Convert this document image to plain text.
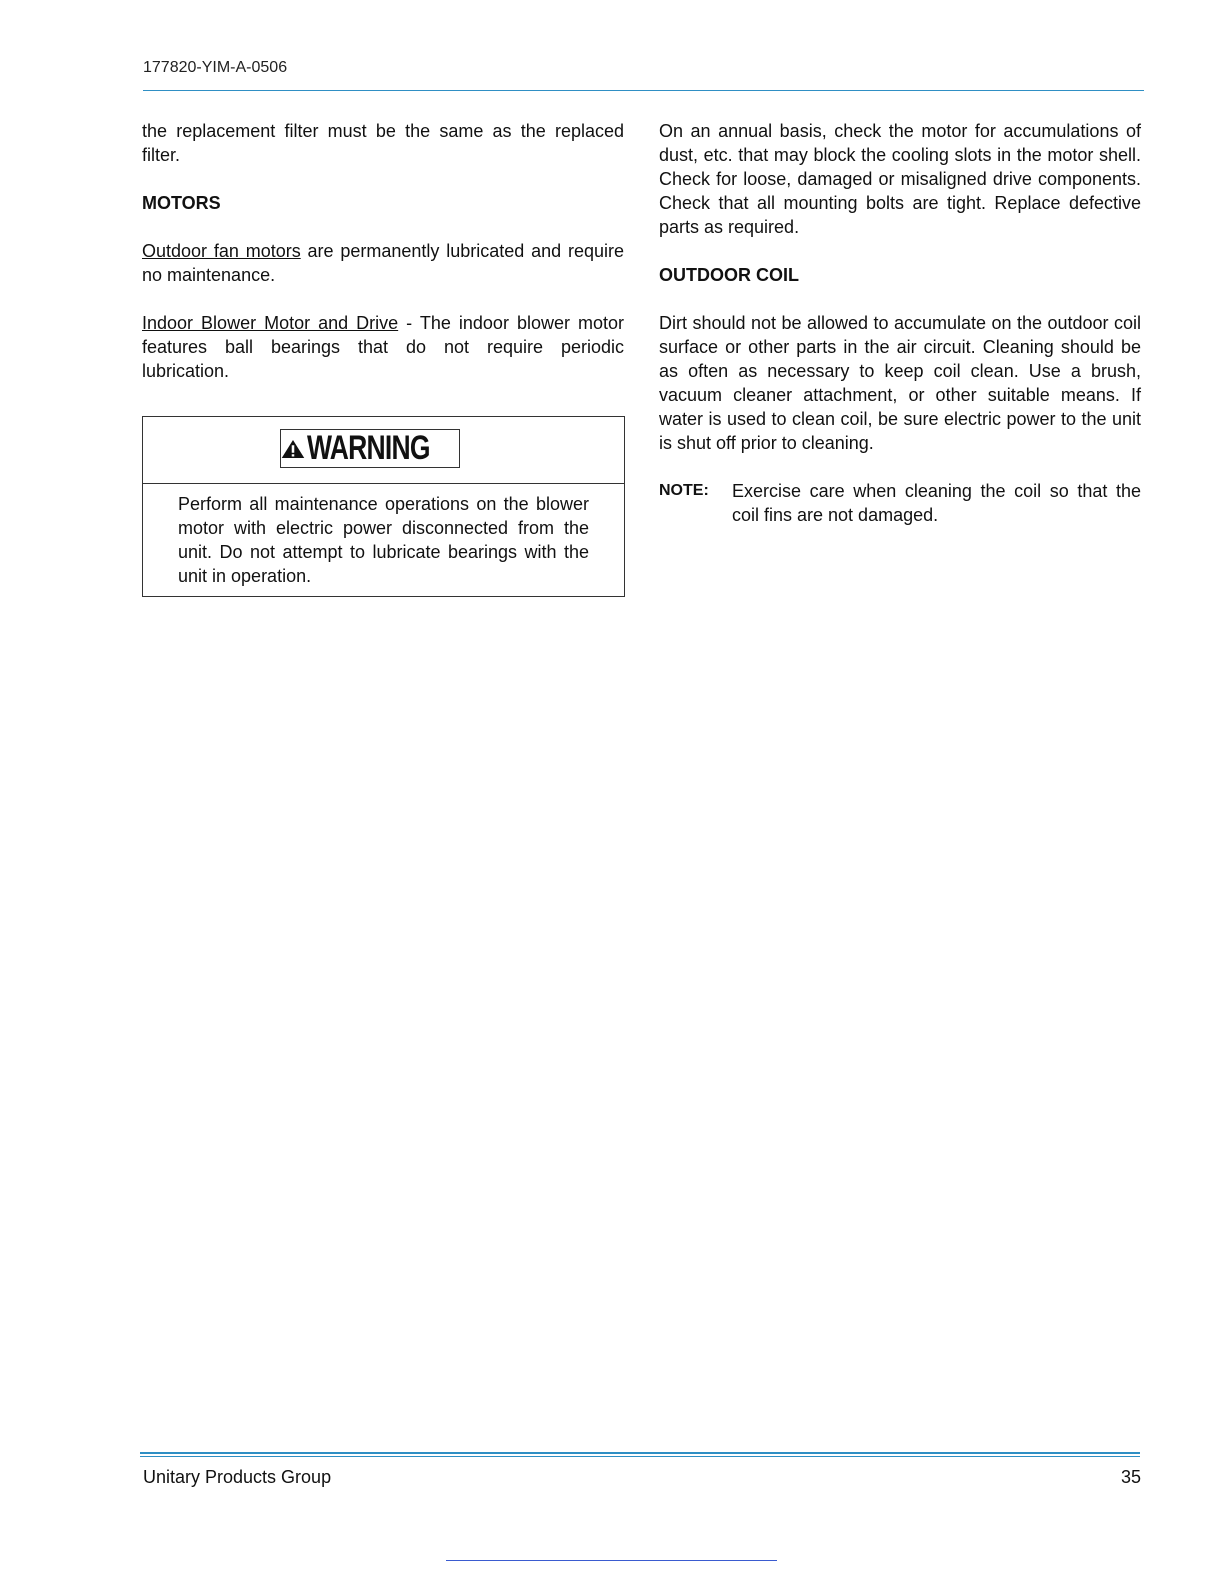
177820-YIM-A-0506

the replacement filter must be the same as the replaced filter.

MOTORS

Outdoor fan motors are permanently lubricated and require no maintenance.

Indoor Blower Motor and Drive - The indoor blower motor features ball bearings that do not require periodic lubrication.

WARNING

Perform all maintenance operations on the blower motor with electric power disconnected from the unit. Do not attempt to lubricate bearings with the unit in operation.

On an annual basis, check the motor for accumulations of dust, etc. that may block the cooling slots in the motor shell. Check for loose, damaged or misaligned drive components. Check that all mounting bolts are tight. Replace defective parts as required.

OUTDOOR COIL

Dirt should not be allowed to accumulate on the outdoor coil surface or other parts in the air circuit. Cleaning should be as often as necessary to keep coil clean. Use a brush, vacuum cleaner attachment, or other suitable means. If water is used to clean coil, be sure electric power to the unit is shut off prior to cleaning.

NOTE:	Exercise care when cleaning the coil so that the coil fins are not damaged.
Unitary Products Group	35
